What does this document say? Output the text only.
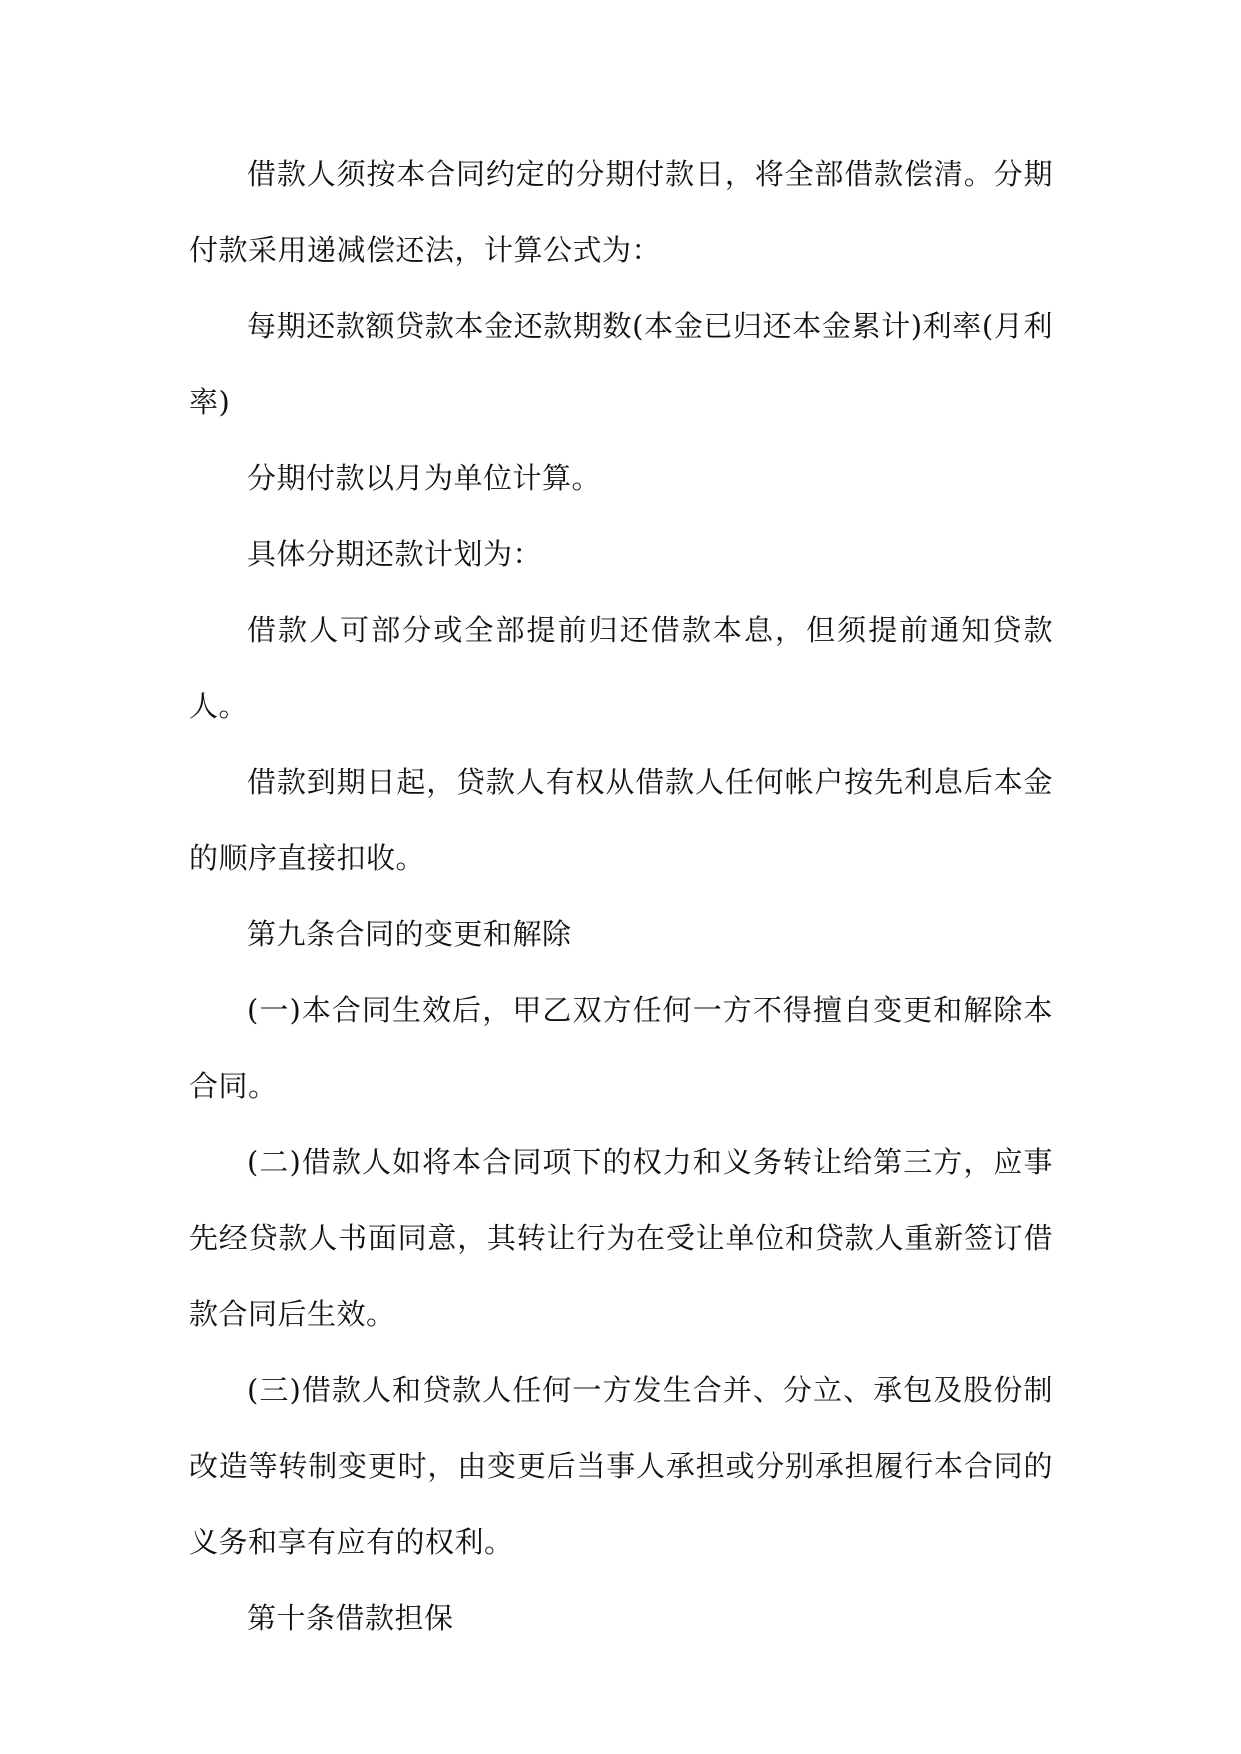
借款人须按本合同约定的分期付款日，将全部借款偿清。分期付款采用递减偿还法，计算公式为：

每期还款额贷款本金还款期数(本金已归还本金累计)利率(月利率)

分期付款以月为单位计算。

具体分期还款计划为：

借款人可部分或全部提前归还借款本息，但须提前通知贷款人。

借款到期日起，贷款人有权从借款人任何帐户按先利息后本金的顺序直接扣收。

第九条合同的变更和解除

(一)本合同生效后，甲乙双方任何一方不得擅自变更和解除本合同。

(二)借款人如将本合同项下的权力和义务转让给第三方，应事先经贷款人书面同意，其转让行为在受让单位和贷款人重新签订借款合同后生效。

(三)借款人和贷款人任何一方发生合并、分立、承包及股份制改造等转制变更时，由变更后当事人承担或分别承担履行本合同的义务和享有应有的权利。

第十条借款担保
